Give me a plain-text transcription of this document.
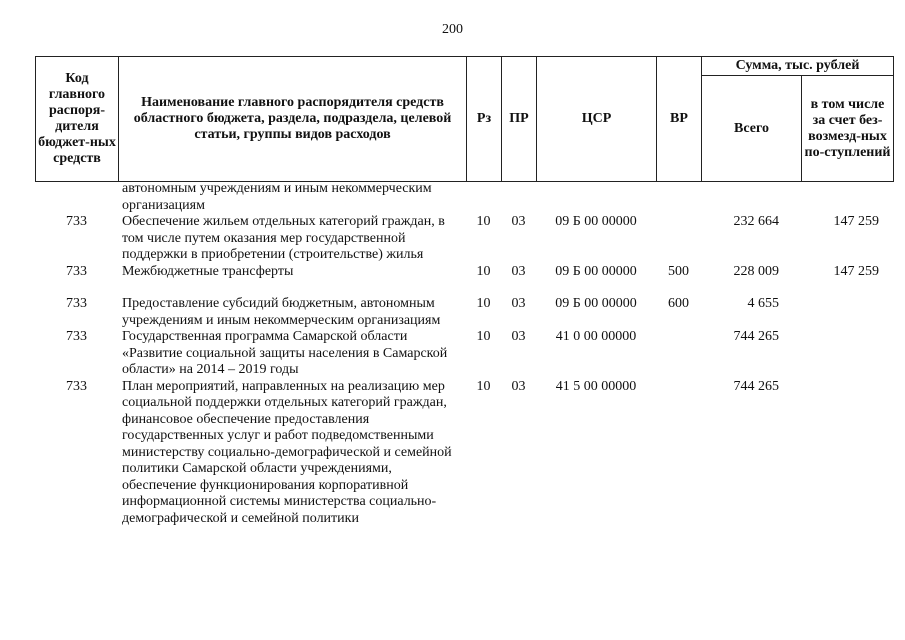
200
Код главного распоря-дителя бюджет-ных средств	Наименование главного распорядителя средств областного бюджета, раздела, подраздела, целевой статьи, группы видов расходов	Рз	ПР	ЦСР	ВР	Сумма, тыс. рублей	
						Всего	в том числе за счет без-возмезд-ных по-ступлений
	автономным учреждениям и иным некоммерческим организациям						
733	Обеспечение жильем отдельных категорий граждан, в том числе путем оказания мер государственной поддержки в приобретении (строительстве) жилья	10	03	09 Б 00 00000		232 664	147 259
733	Межбюджетные трансферты	10	03	09 Б 00 00000	500	228 009	147 259
733	Предоставление субсидий бюджетным, автономным учреждениям и иным некоммерческим организациям	10	03	09 Б 00 00000	600	4 655	
733	Государственная программа Самарской области «Развитие социальной защиты населения в Самарской области» на 2014 – 2019 годы	10	03	41 0 00 00000		744 265	
733	План мероприятий, направленных на реализацию мер социальной поддержки отдельных категорий граждан, финансовое обеспечение предоставления государственных услуг и работ подведомственными министерству социально-демографической и семейной политики Самарской области учреждениями, обеспечение функционирования корпоративной информационной системы министерства социально-демографической и семейной политики	10	03	41 5 00 00000		744 265	
